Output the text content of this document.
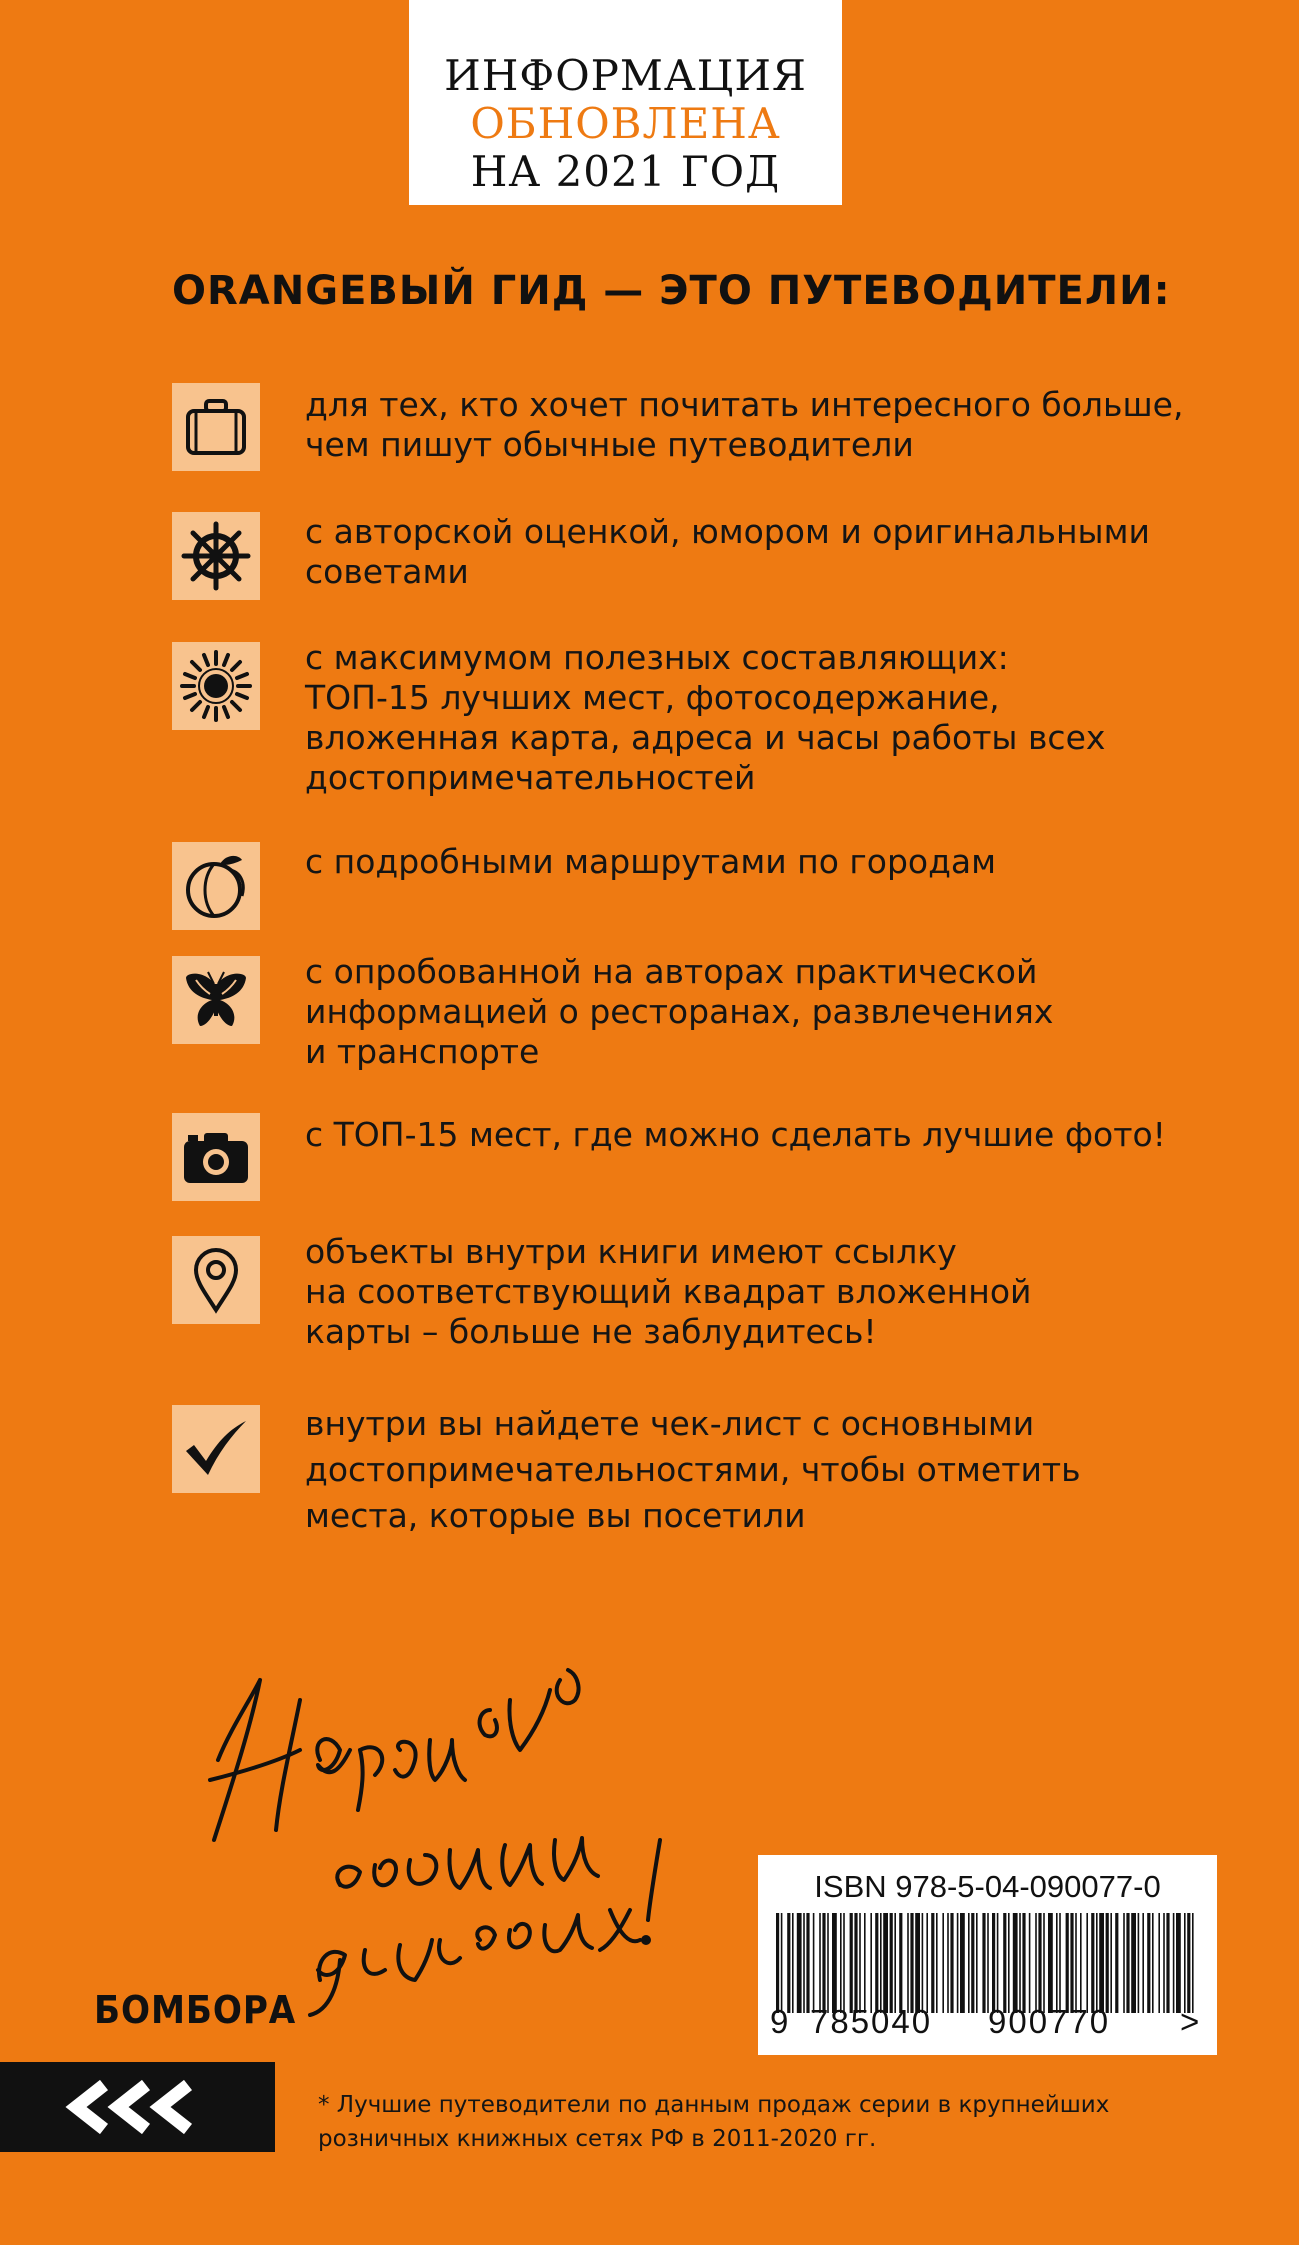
ИНФОРМАЦИЯ
ОБНОВЛЕНА
НА 2021 ГОД
ORANGEВЫЙ ГИД — ЭТО ПУТЕВОДИТЕЛИ:
для тех, кто хочет почитать интересного больше,
чем пишут обычные путеводители
с авторской оценкой, юмором и оригинальными
советами
с максимумом полезных составляющих:
ТОП-15 лучших мест, фотосодержание,
вложенная карта, адреса и часы работы всех
достопримечательностей
с подробными маршрутами по городам
с опробованной на авторах практической
информацией о ресторанах, развлечениях
и транспорте
с ТОП-15 мест, где можно сделать лучшие фото!
объекты внутри книги имеют ссылку
на соответствующий квадрат вложенной
карты – больше не заблудитесь!
внутри вы найдете чек-лист с основными
достопримечательностями, чтобы отметить
места, которые вы посетили
БОМБОРА
* Лучшие путеводители по данным продаж серии в крупнейших розничных книжных сетях РФ в 2011-2020 гг.
ISBN 978-5-04-090077-0
9 785040 900770 >
